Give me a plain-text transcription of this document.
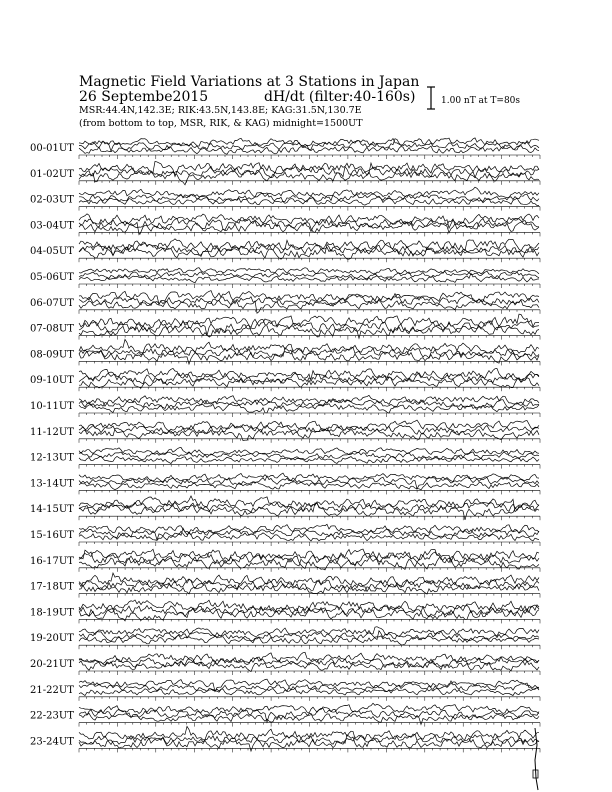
00-01UT
01-02UT
02-03UT
03-04UT
04-05UT
05-06UT
06-07UT
07-08UT
08-09UT
09-10UT
10-11UT
11-12UT
12-13UT
13-14UT
14-15UT
15-16UT
16-17UT
17-18UT
18-19UT
19-20UT
20-21UT
21-22UT
22-23UT
23-24UT
Magnetic Field Variations at 3 Stations in Japan
26 Septembe2015	dH/dt (filter:40-160s)
MSR:44.4N,142.3E; RIK:43.5N,143.8E; KAG:31.5N,130.7E
(from bottom to top, MSR, RIK, & KAG) midnight=1500UT
1.00 nT at T=80s
